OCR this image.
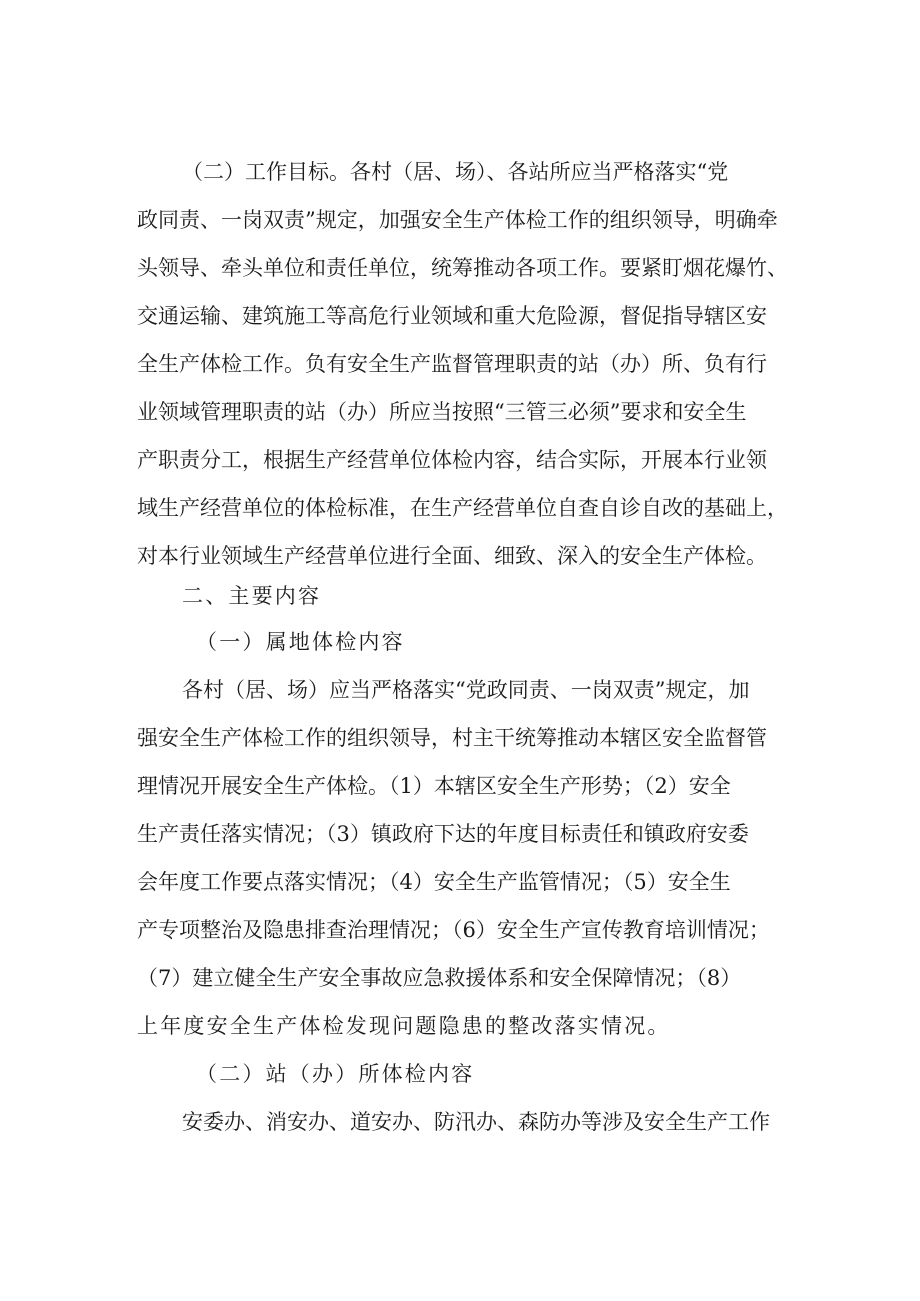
（二）工作目标。各村（居、场）、各站所应当严格落实“党
政同责、一岗双责”规定，加强安全生产体检工作的组织领导，明确牵
头领导、牵头单位和责任单位，统筹推动各项工作。要紧盯烟花爆竹、
交通运输、建筑施工等高危行业领域和重大危险源，督促指导辖区安
全生产体检工作。负有安全生产监督管理职责的站（办）所、负有行
业领域管理职责的站（办）所应当按照“三管三必须”要求和安全生
产职责分工，根据生产经营单位体检内容，结合实际，开展本行业领
域生产经营单位的体检标准，在生产经营单位自查自诊自改的基础上，
对本行业领域生产经营单位进行全面、细致、深入的安全生产体检。
二、主要内容
（一）属地体检内容
各村（居、场）应当严格落实“党政同责、一岗双责”规定，加
强安全生产体检工作的组织领导，村主干统筹推动本辖区安全监督管
理情况开展安全生产体检。（1）本辖区安全生产形势；（2）安全
生产责任落实情况；（3）镇政府下达的年度目标责任和镇政府安委
会年度工作要点落实情况；（4）安全生产监管情况；（5）安全生
产专项整治及隐患排查治理情况；（6）安全生产宣传教育培训情况；
（7）建立健全生产安全事故应急救援体系和安全保障情况；（8）
上年度安全生产体检发现问题隐患的整改落实情况。
（二）站（办）所体检内容
安委办、消安办、道安办、防汛办、森防办等涉及安全生产工作
